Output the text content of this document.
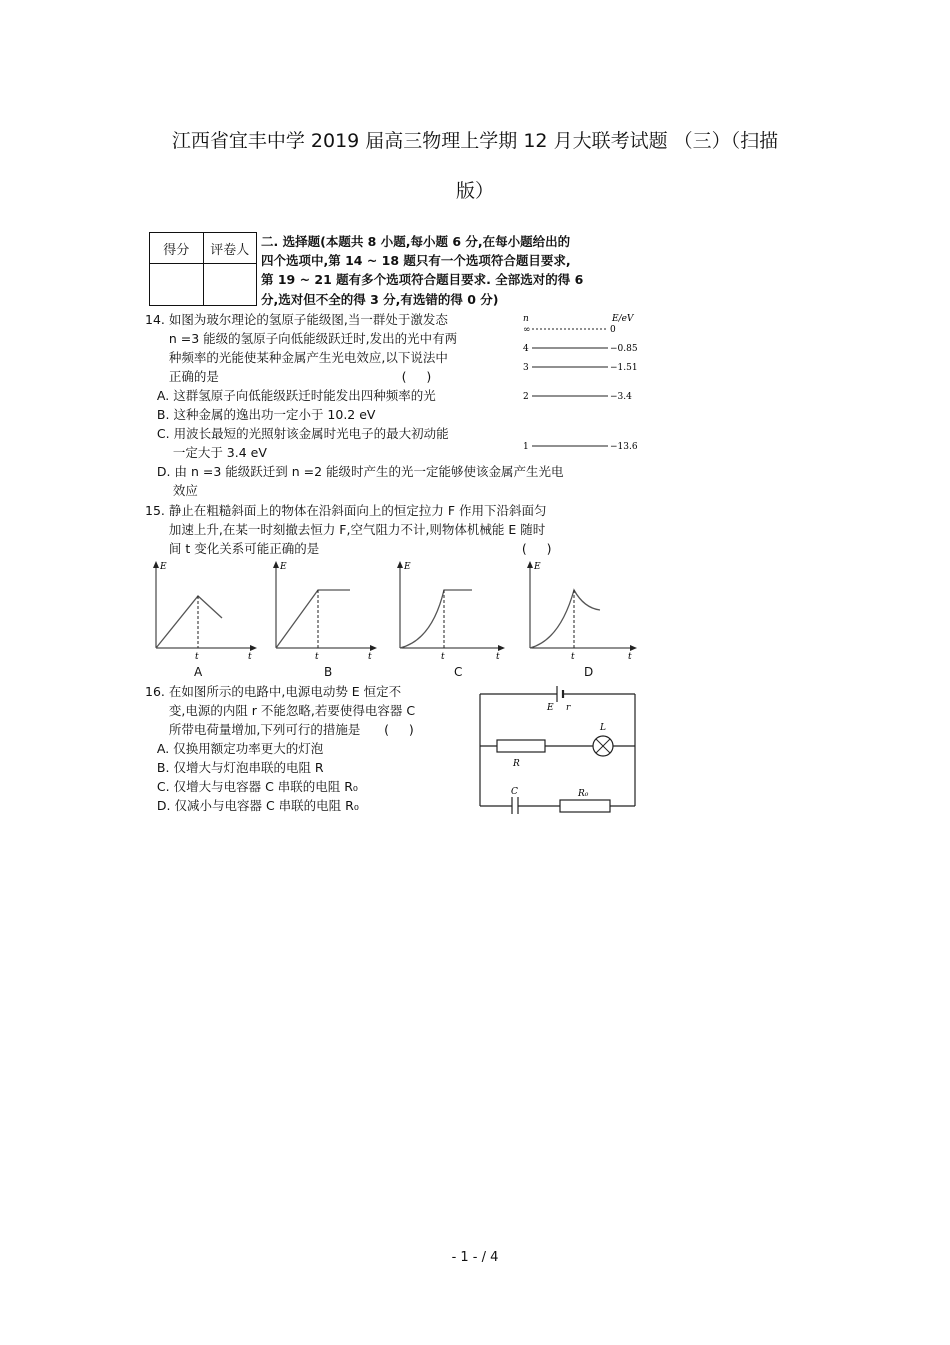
江西省宜丰中学 2019 届高三物理上学期 12 月大联考试题 （三）（扫描
版）
得分	评卷人
二. 选择题(本题共 8 小题,每小题 6 分,在每小题给出的
四个选项中,第 14 ~ 18 题只有一个选项符合题目要求,
第 19 ~ 21 题有多个选项符合题目要求. 全部选对的得 6
分,选对但不全的得 3 分,有选错的得 0 分)
14. 如图为玻尔理论的氢原子能级图,当一群处于激发态
n =3 能级的氢原子向低能级跃迁时,发出的光中有两
种频率的光能使某种金属产生光电效应,以下说法中
正确的是                                              (     )
A. 这群氢原子向低能级跃迁时能发出四种频率的光
B. 这种金属的逸出功一定小于 10.2 eV
C. 用波长最短的光照射该金属时光电子的最大初动能
一定大于 3.4 eV
D. 由 n =3 能级跃迁到 n =2 能级时产生的光一定能够使该金属产生光电
效应
n	E/eV
∞	0
4	−0.85
3	−1.51
2	−3.4
1	−13.6
15. 静止在粗糙斜面上的物体在沿斜面向上的恒定拉力 F 作用下沿斜面匀
加速上升,在某一时刻撤去恒力 F,空气阻力不计,则物体机械能 E 随时
间 t 变化关系可能正确的是                                                   (     )
E
t	t
E
t	t
E
t	t
E
t	t
A	B	C	D
16. 在如图所示的电路中,电源电动势 E 恒定不
变,电源的内阻 r 不能忽略,若要使得电容器 C
所带电荷量增加,下列可行的措施是      (     )
A. 仅换用额定功率更大的灯泡
B. 仅增大与灯泡串联的电阻 R
C. 仅增大与电容器 C 串联的电阻 R₀
D. 仅减小与电容器 C 串联的电阻 R₀
E r
R
L
C	R₀
- 1 - / 4
